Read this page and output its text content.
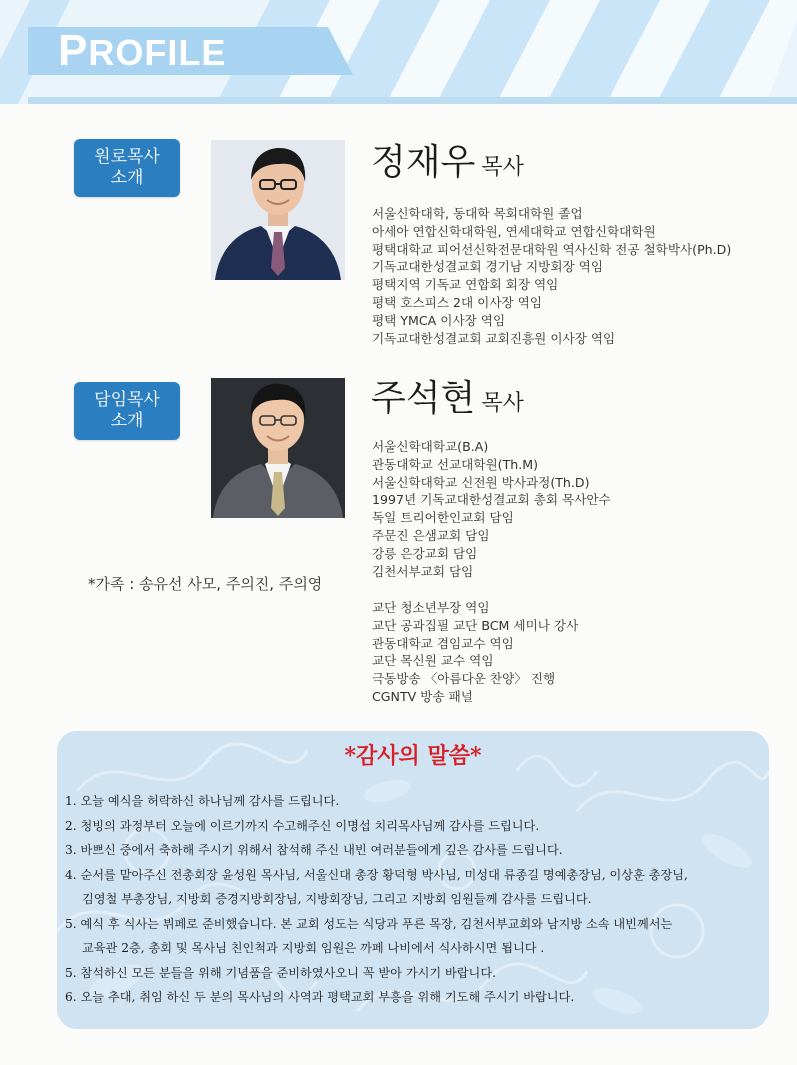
PROFILE
원로목사
소개	정재우 목사
서울신학대학, 동대학 목회대학원 졸업
아세아 연합신학대학원, 연세대학교 연합신학대학원
평택대학교 피어선신학전문대학원 역사신학 전공 철학박사(Ph.D)
기독교대한성결교회 경기남 지방회장 역임
평택지역 기독교 연합회 회장 역임
평택 호스피스 2대 이사장 역임
평택 YMCA 이사장 역임
기독교대한성결교회 교회진흥원 이사장 역임
담임목사
소개
주석현 목사
서울신학대학교(B.A)
관동대학교 선교대학원(Th.M)
서울신학대학교 신전원 박사과정(Th.D)
1997년 기독교대한성결교회 총회 목사안수
독일 트리어한인교회 담임
주문진 은샘교회 담임
강릉 은강교회 담임
김천서부교회 담임
교단 청소년부장 역임
교단 공과집필 교단 BCM 세미나 강사
관동대학교 겸임교수 역임
교단 목신원 교수 역임
극동방송 〈아름다운 찬양〉 진행
CGNTV 방송 패널

*가족 : 송유선 사모, 주의진, 주의영

*감사의 말씀*
1. 오늘 예식을 허락하신 하나님께 감사를 드립니다.
2. 청빙의 과정부터 오늘에 이르기까지 수고해주신 이명섭 치리목사님께 감사를 드립니다.
3. 바쁘신 중에서 축하해 주시기 위해서 참석해 주신 내빈 여러분들에게 깊은 감사를 드립니다.
4. 순서를 맡아주신 전총회장 윤성원 목사님, 서울신대 총장 황덕형 박사님, 미성대 류종길 명예총장님, 이상훈 총장님,
김영철 부총장님, 지방회 증경지방회장님, 지방회장님, 그리고 지방회 임원들께 감사를 드립니다.
5. 예식 후 식사는 뷔페로 준비했습니다. 본 교회 성도는 식당과 푸른 목장, 김천서부교회와 남지방 소속 내빈께서는
교육관 2층, 총회 및 목사님 친인척과 지방회 임원은 까페 나비에서 식사하시면 됩니다 .
5. 참석하신 모든 분들을 위해 기념품을 준비하였사오니 꼭 받아 가시기 바랍니다.
6. 오늘 추대, 취임 하신 두 분의 목사님의 사역과 평택교회 부흥을 위해 기도해 주시기 바랍니다.
